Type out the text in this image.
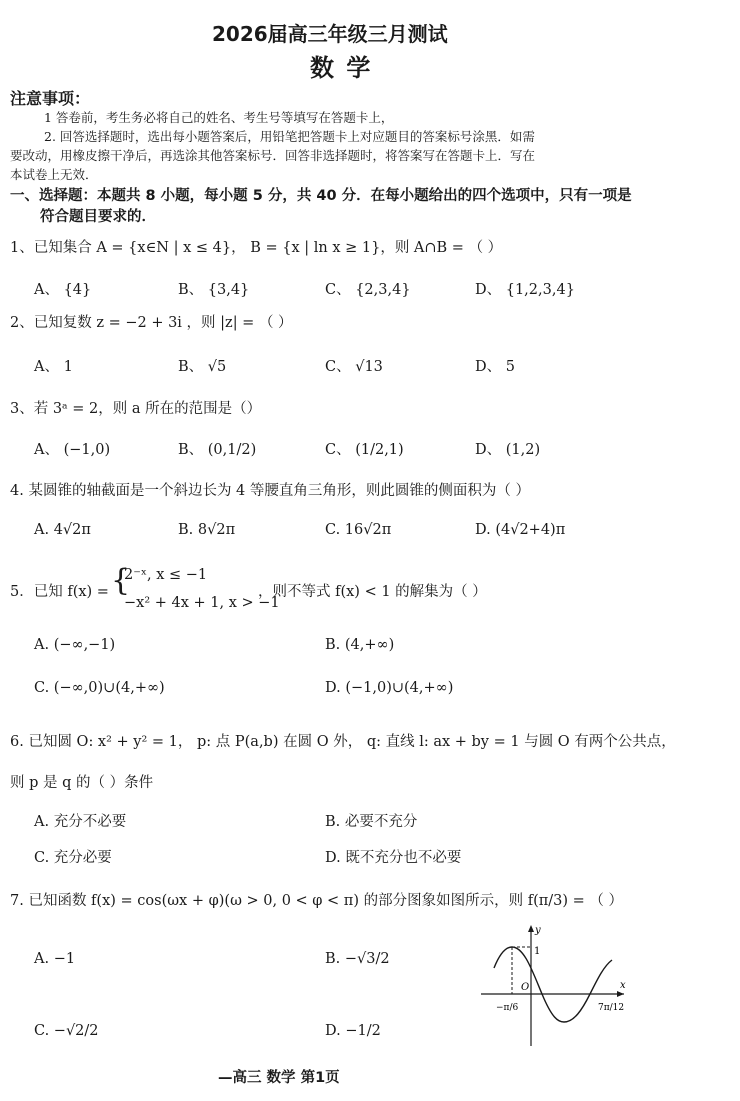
2026届高三年级三月测试
数 学
注意事项：
1 答卷前，考生务必将自己的姓名、考生号等填写在答题卡上，
2. 回答选择题时，选出每小题答案后，用铅笔把答题卡上对应题目的答案标号涂黑．如需
要改动，用橡皮擦干净后，再选涂其他答案标号．回答非选择题时，将答案写在答题卡上．写在
本试卷上无效．
一、选择题：本题共 8 小题，每小题 5 分，共 40 分．在每小题给出的四个选项中，只有一项是
符合题目要求的．
1、已知集合 A = {x∈N | x ≤ 4}， B = {x | ln x ≥ 1}，则 A∩B = （ ）
A、 {4}	B、 {3,4}	C、 {2,3,4}	D、 {1,2,3,4}
2、已知复数 z = −2 + 3i ，则 |z| = （ ）
A、 1	B、 √5	C、 √13	D、 5
3、若 3ᵃ = 2，则 a 所在的范围是（）
A、 (−1,0)	B、 (0,1/2)	C、 (1/2,1)	D、 (1,2)
4. 某圆锥的轴截面是一个斜边长为 4 等腰直角三角形，则此圆锥的侧面积为（ ）
A. 4√2π	B. 8√2π	C. 16√2π	D. (4√2+4)π
5．已知 f(x) = {
2⁻ˣ, x ≤ −1
−x² + 4x + 1, x > −1
，则不等式 f(x) < 1 的解集为（ ）
A. (−∞,−1)	B. (4,+∞)
C. (−∞,0)∪(4,+∞)	D. (−1,0)∪(4,+∞)
6. 已知圆 O: x² + y² = 1， p: 点 P(a,b) 在圆 O 外， q: 直线 l: ax + by = 1 与圆 O 有两个公共点，
则 p 是 q 的（ ）条件
A. 充分不必要	B. 必要不充分
C. 充分必要	D. 既不充分也不必要
7. 已知函数 f(x) = cos(ωx + φ)(ω > 0, 0 < φ < π) 的部分图象如图所示，则 f(π/3) = （ ）
A. −1	B. −√3/2
C. −√2/2	D. −1/2
y
x
O
1
−π/6	7π/12
—高三 数学 第1页
